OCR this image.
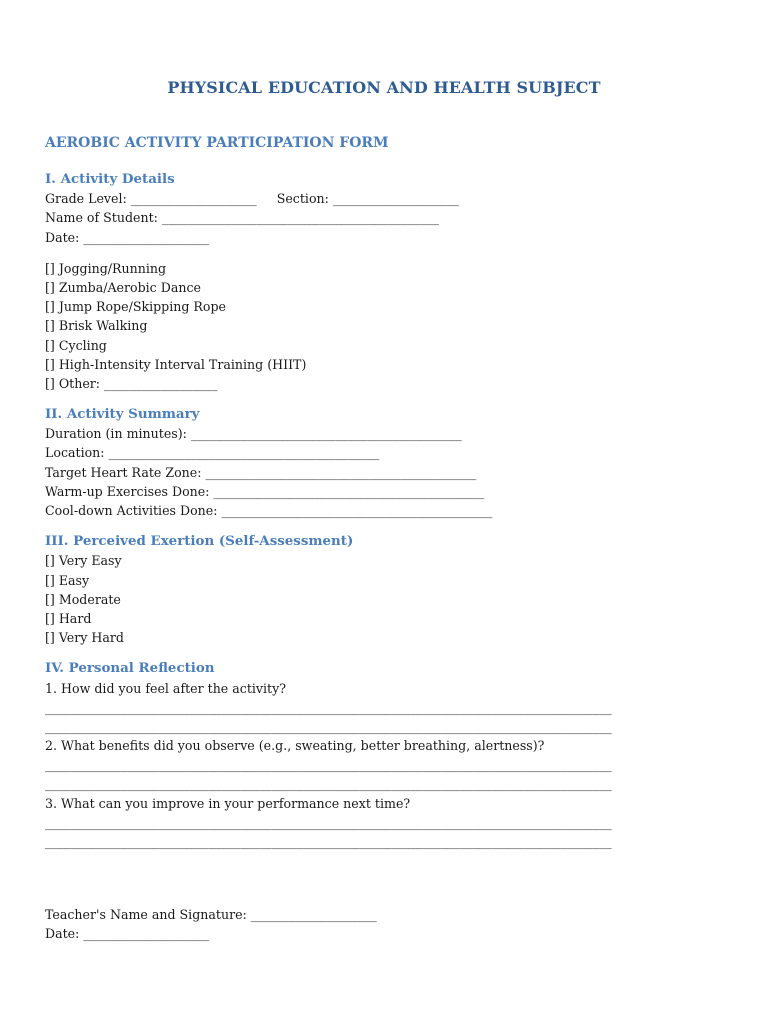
PHYSICAL EDUCATION AND HEALTH SUBJECT
AEROBIC ACTIVITY PARTICIPATION FORM
I. Activity Details
Grade Level: ____________________     Section: ____________________
Name of Student: ____________________________________________
Date: ____________________
[] Jogging/Running
[] Zumba/Aerobic Dance
[] Jump Rope/Skipping Rope
[] Brisk Walking
[] Cycling
[] High-Intensity Interval Training (HIIT)
[] Other: __________________
II. Activity Summary
Duration (in minutes): ___________________________________________
Location: ___________________________________________
Target Heart Rate Zone: ___________________________________________
Warm-up Exercises Done: ___________________________________________
Cool-down Activities Done: ___________________________________________
III. Perceived Exertion (Self-Assessment)
[] Very Easy
[] Easy
[] Moderate
[] Hard
[] Very Hard
IV. Personal Reflection
1. How did you feel after the activity?
__________________________________________________________________________________________
__________________________________________________________________________________________
2. What benefits did you observe (e.g., sweating, better breathing, alertness)?
__________________________________________________________________________________________
__________________________________________________________________________________________
3. What can you improve in your performance next time?
__________________________________________________________________________________________
__________________________________________________________________________________________
Teacher's Name and Signature: ____________________
Date: ____________________
